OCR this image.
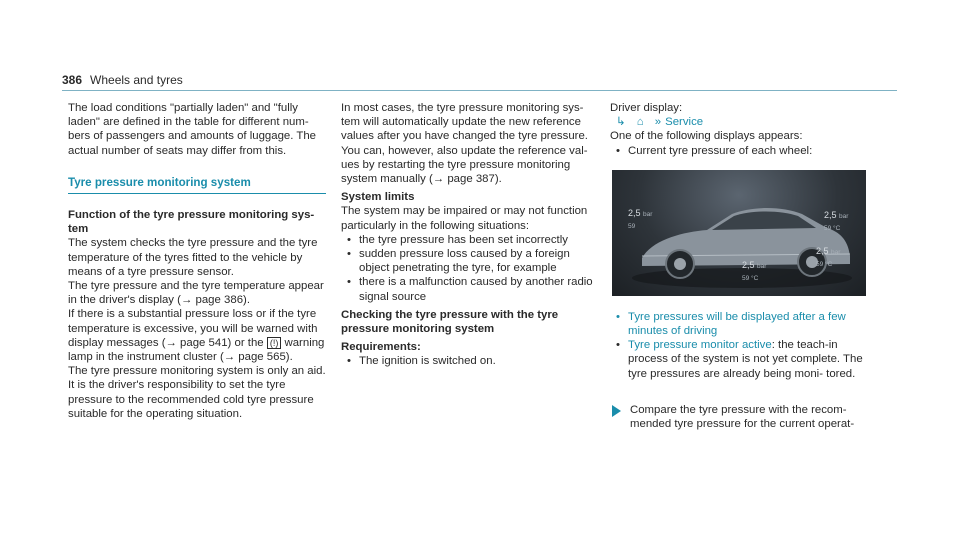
386 Wheels and tyres

The load conditions "partially laden" and "fully laden" are defined in the table for different num- bers of passengers and amounts of luggage. The actual number of seats may differ from this.

Tyre pressure monitoring system

Function of the tyre pressure monitoring sys- tem

The system checks the tyre pressure and the tyre temperature of the tyres fitted to the vehicle by means of a tyre pressure sensor.

The tyre pressure and the tyre temperature appear in the driver's display (→ page 386).

If there is a substantial pressure loss or if the tyre temperature is excessive, you will be warned with display messages (→ page 541) or the (!) warning lamp in the instrument cluster (→ page 565).

The tyre pressure monitoring system is only an aid. It is the driver's responsibility to set the tyre pressure to the recommended cold tyre pressure suitable for the operating situation.

In most cases, the tyre pressure monitoring sys- tem will automatically update the new reference values after you have changed the tyre pressure. You can, however, also update the reference val- ues by restarting the tyre pressure monitoring system manually (→ page 387).

System limits

The system may be impaired or may not function particularly in the following situations:

• the tyre pressure has been set incorrectly
• sudden pressure loss caused by a foreign object penetrating the tyre, for example
• there is a malfunction caused by another radio signal source

Checking the tyre pressure with the tyre pressure monitoring system

Requirements:

• The ignition is switched on.

Driver display:

↳ ⌂ » Service

One of the following displays appears:

• Current tyre pressure of each wheel:
2,5 bar
59
2,5 bar
59 °C
2,5 bar
59 °C
2,5 bar
59 °C
• Tyre pressures will be displayed after a few minutes of driving
• Tyre pressure monitor active: the teach-in process of the system is not yet complete. The tyre pressures are already being moni- tored.
Compare the tyre pressure with the recom- mended tyre pressure for the current operat-
